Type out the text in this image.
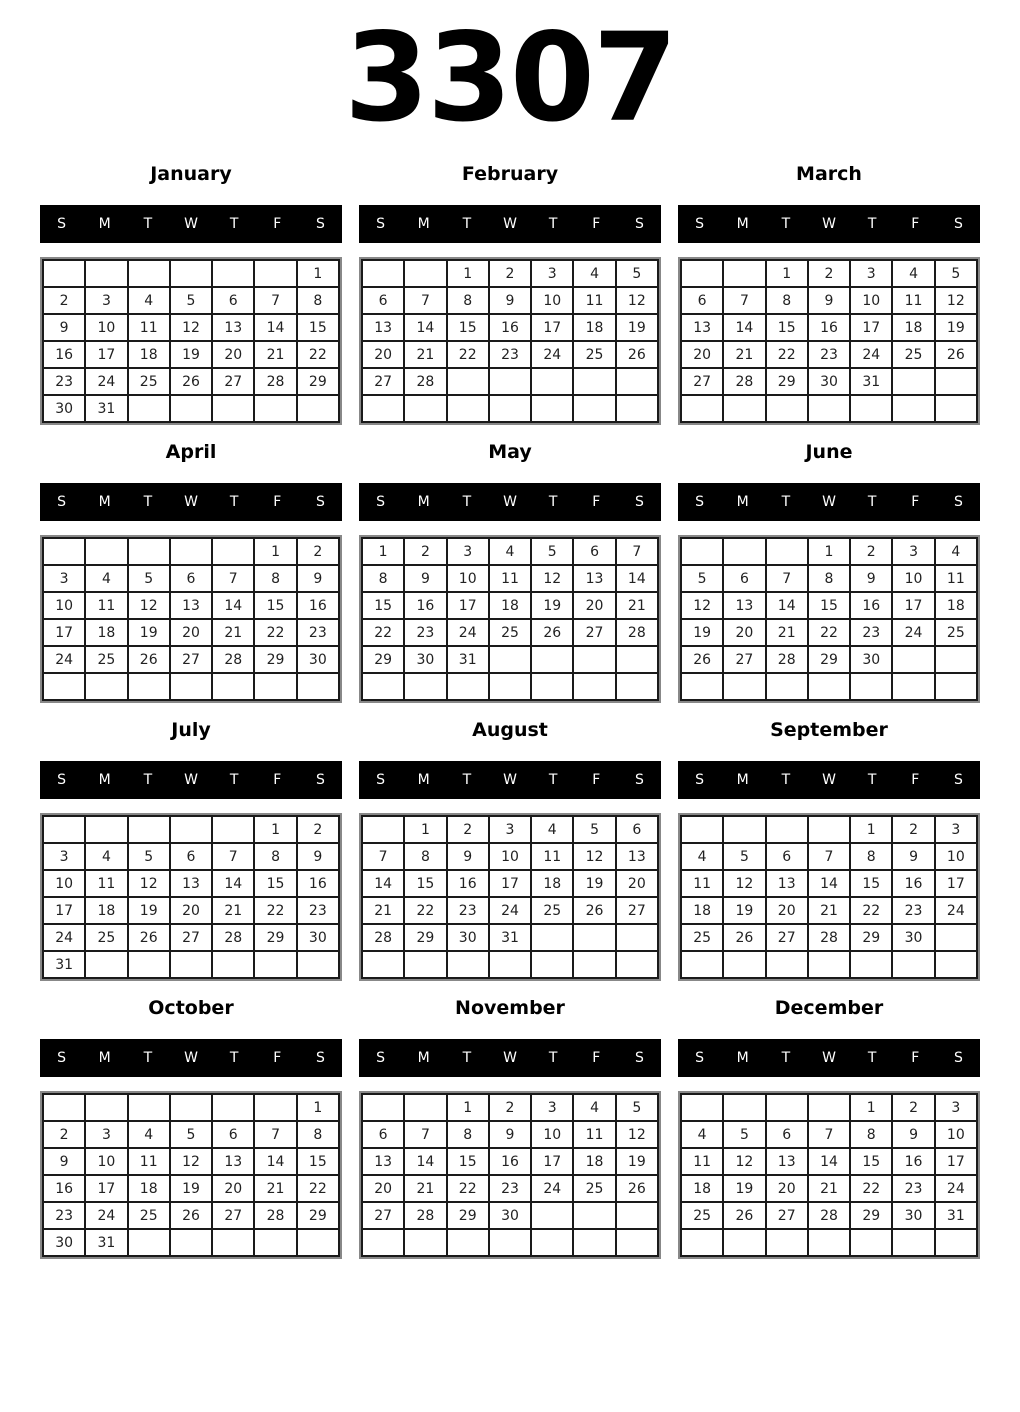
3307
January
S	M	T	W	T	F	S
						1
2	3	4	5	6	7	8
9	10	11	12	13	14	15
16	17	18	19	20	21	22
23	24	25	26	27	28	29
30	31					
February
S	M	T	W	T	F	S
		1	2	3	4	5
6	7	8	9	10	11	12
13	14	15	16	17	18	19
20	21	22	23	24	25	26
27	28					

March
S	M	T	W	T	F	S
		1	2	3	4	5
6	7	8	9	10	11	12
13	14	15	16	17	18	19
20	21	22	23	24	25	26
27	28	29	30	31		

April
S	M	T	W	T	F	S
					1	2
3	4	5	6	7	8	9
10	11	12	13	14	15	16
17	18	19	20	21	22	23
24	25	26	27	28	29	30

May
S	M	T	W	T	F	S
1	2	3	4	5	6	7
8	9	10	11	12	13	14
15	16	17	18	19	20	21
22	23	24	25	26	27	28
29	30	31				

June
S	M	T	W	T	F	S
			1	2	3	4
5	6	7	8	9	10	11
12	13	14	15	16	17	18
19	20	21	22	23	24	25
26	27	28	29	30		

July
S	M	T	W	T	F	S
					1	2
3	4	5	6	7	8	9
10	11	12	13	14	15	16
17	18	19	20	21	22	23
24	25	26	27	28	29	30
31						
August
S	M	T	W	T	F	S
	1	2	3	4	5	6
7	8	9	10	11	12	13
14	15	16	17	18	19	20
21	22	23	24	25	26	27
28	29	30	31			

September
S	M	T	W	T	F	S
				1	2	3
4	5	6	7	8	9	10
11	12	13	14	15	16	17
18	19	20	21	22	23	24
25	26	27	28	29	30	

October
S	M	T	W	T	F	S
						1
2	3	4	5	6	7	8
9	10	11	12	13	14	15
16	17	18	19	20	21	22
23	24	25	26	27	28	29
30	31					
November
S	M	T	W	T	F	S
		1	2	3	4	5
6	7	8	9	10	11	12
13	14	15	16	17	18	19
20	21	22	23	24	25	26
27	28	29	30			

December
S	M	T	W	T	F	S
				1	2	3
4	5	6	7	8	9	10
11	12	13	14	15	16	17
18	19	20	21	22	23	24
25	26	27	28	29	30	31
